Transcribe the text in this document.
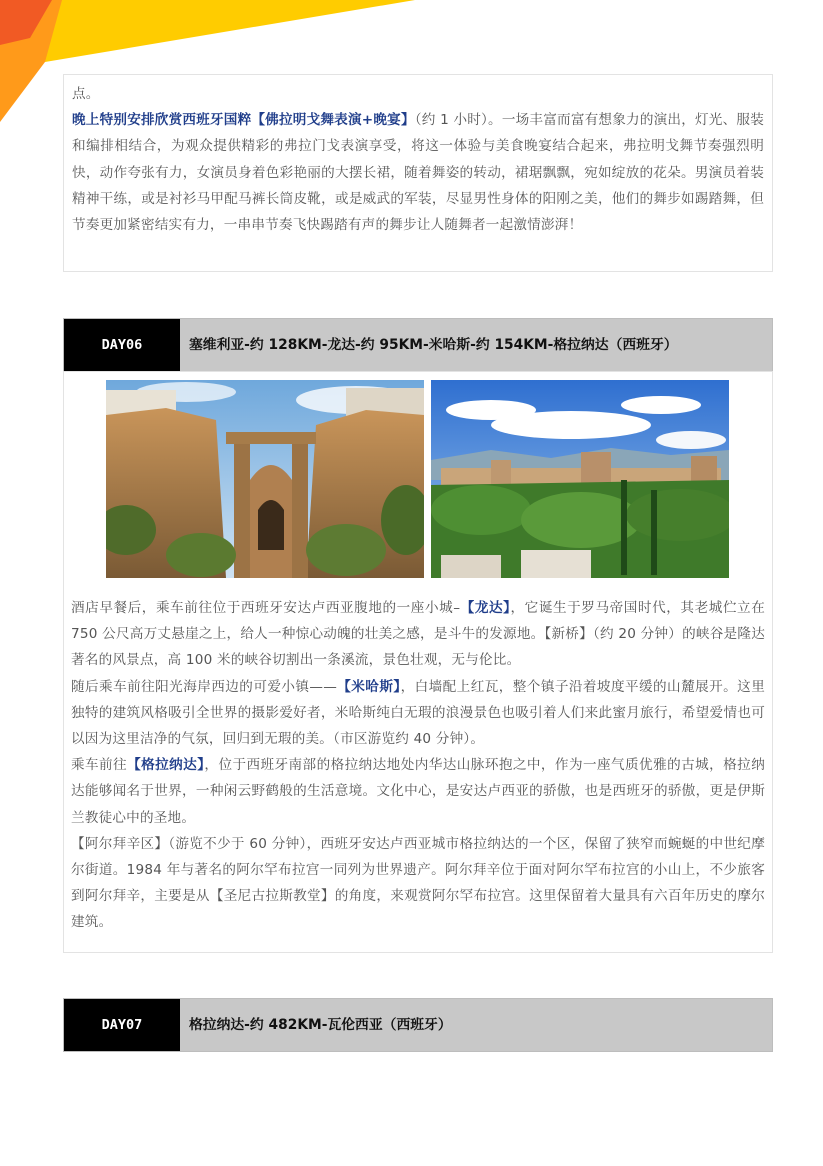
点。

晚上特别安排欣赏西班牙国粹【佛拉明戈舞表演+晚宴】（约 1 小时）。一场丰富而富有想象力的演出，灯光、服装和编排相结合，为观众提供精彩的弗拉门戈表演享受，将这一体验与美食晚宴结合起来，弗拉明戈舞节奏强烈明快，动作夸张有力，女演员身着色彩艳丽的大摆长裙，随着舞姿的转动，裙琚飘飘，宛如绽放的花朵。男演员着装精神干练，或是衬衫马甲配马裤长筒皮靴，或是威武的军装，尽显男性身体的阳刚之美，他们的舞步如踢踏舞，但节奏更加紧密结实有力，一串串节奏飞快踢踏有声的舞步让人随舞者一起激情澎湃！

DAY06	塞维利亚-约 128KM-龙达-约 95KM-米哈斯-约 154KM-格拉纳达（西班牙）

酒店早餐后，乘车前往位于西班牙安达卢西亚腹地的一座小城–【龙达】，它诞生于罗马帝国时代，其老城伫立在 750 公尺高万丈悬崖之上，给人一种惊心动魄的壮美之感，是斗牛的发源地。【新桥】（约 20 分钟）的峡谷是隆达著名的风景点，高 100 米的峡谷切割出一条溪流，景色壮观，无与伦比。

随后乘车前往阳光海岸西边的可爱小镇——【米哈斯】，白墙配上红瓦，整个镇子沿着坡度平缓的山麓展开。这里独特的建筑风格吸引全世界的摄影爱好者，米哈斯纯白无瑕的浪漫景色也吸引着人们来此蜜月旅行，希望爱情也可以因为这里洁净的气氛，回归到无瑕的美。（市区游览约 40 分钟）。

乘车前往【格拉纳达】，位于西班牙南部的格拉纳达地处内华达山脉环抱之中，作为一座气质优雅的古城，格拉纳达能够闻名于世界，一种闲云野鹤般的生活意境。文化中心，是安达卢西亚的骄傲，也是西班牙的骄傲，更是伊斯兰教徒心中的圣地。

【阿尔拜辛区】（游览不少于 60 分钟），西班牙安达卢西亚城市格拉纳达的一个区，保留了狭窄而蜿蜒的中世纪摩尔街道。1984 年与著名的阿尔罕布拉宫一同列为世界遗产。阿尔拜辛位于面对阿尔罕布拉宫的小山上，不少旅客到阿尔拜辛，主要是从【圣尼古拉斯教堂】的角度，来观赏阿尔罕布拉宫。这里保留着大量具有六百年历史的摩尔建筑。

DAY07	格拉纳达-约 482KM-瓦伦西亚（西班牙）
